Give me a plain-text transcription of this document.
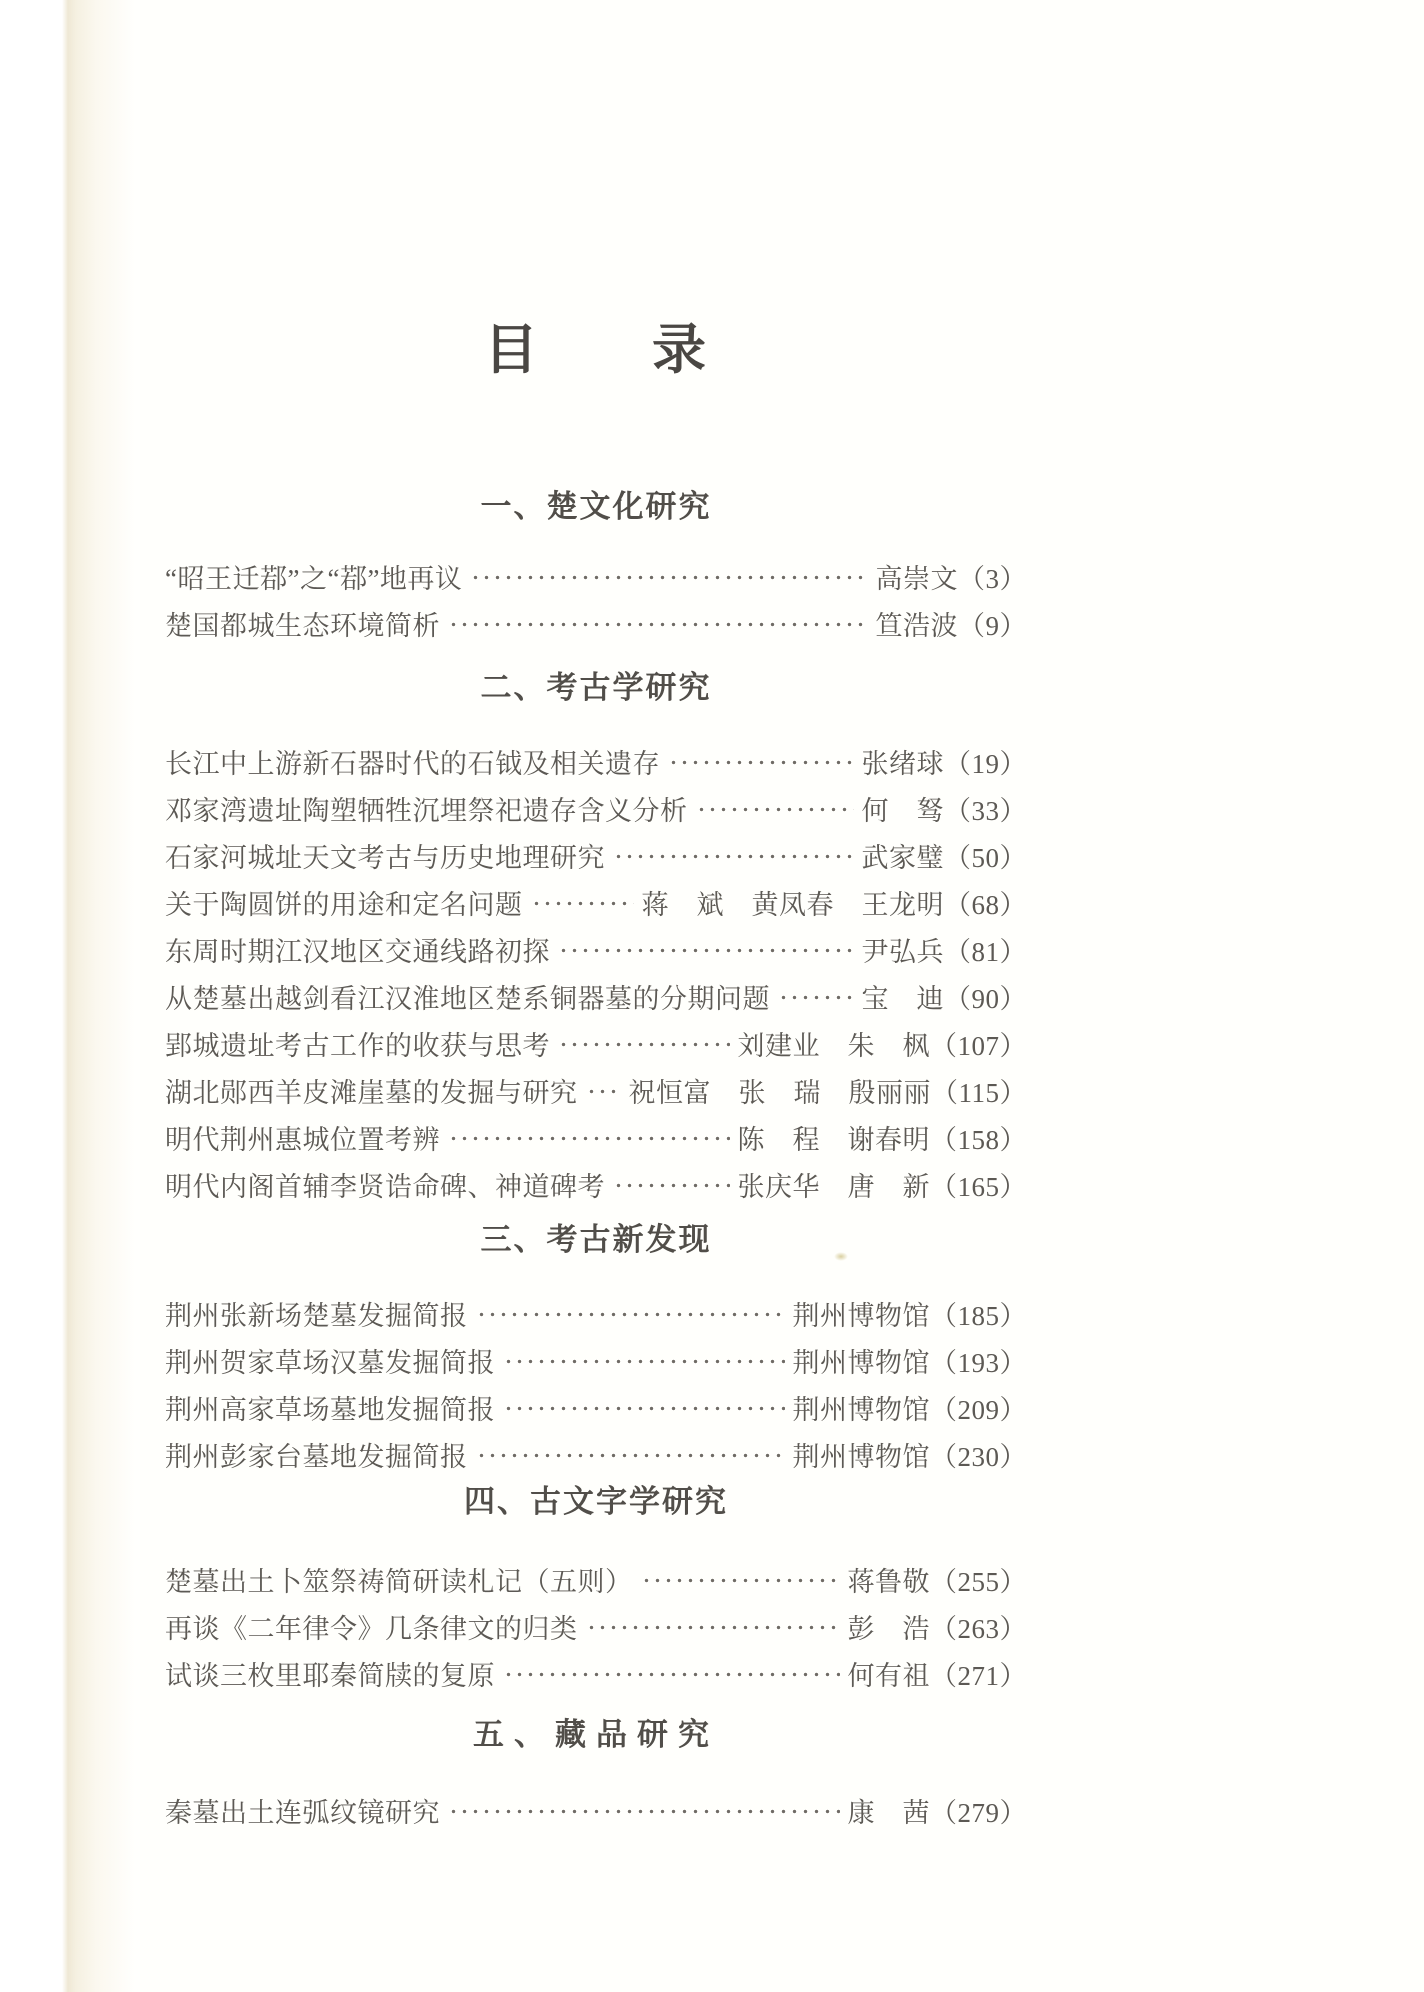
目　　录
一、楚文化研究
“昭王迁鄀”之“鄀”地再议	高崇文 （3）
楚国都城生态环境简析	笪浩波 （9）
二、考古学研究
长江中上游新石器时代的石钺及相关遗存	张绪球 （19）
邓家湾遗址陶塑牺牲沉埋祭祀遗存含义分析	何　驽 （33）
石家河城址天文考古与历史地理研究	武家璧 （50）
关于陶圆饼的用途和定名问题	蒋　斌　黄凤春　王龙明 （68）
东周时期江汉地区交通线路初探	尹弘兵 （81）
从楚墓出越剑看江汉淮地区楚系铜器墓的分期问题	宝　迪 （90）
郢城遗址考古工作的收获与思考	刘建业　朱　枫 （107）
湖北郧西羊皮滩崖墓的发掘与研究 祝恒富　张　瑞　殷丽丽 （115）
明代荆州惠城位置考辨	陈　程　谢春明 （158）
明代内阁首辅李贤诰命碑、神道碑考	张庆华　唐　新 （165）
三、考古新发现
荆州张新场楚墓发掘简报	荆州博物馆 （185）
荆州贺家草场汉墓发掘简报	荆州博物馆 （193）
荆州高家草场墓地发掘简报	荆州博物馆 （209）
荆州彭家台墓地发掘简报	荆州博物馆 （230）
四、古文字学研究
楚墓出土卜筮祭祷简研读札记（五则）	蒋鲁敬 （255）
再谈《二年律令》几条律文的归类	彭　浩 （263）
试谈三枚里耶秦简牍的复原	何有祖 （271）
五、藏品研究
秦墓出土连弧纹镜研究	康　茜 （279）
